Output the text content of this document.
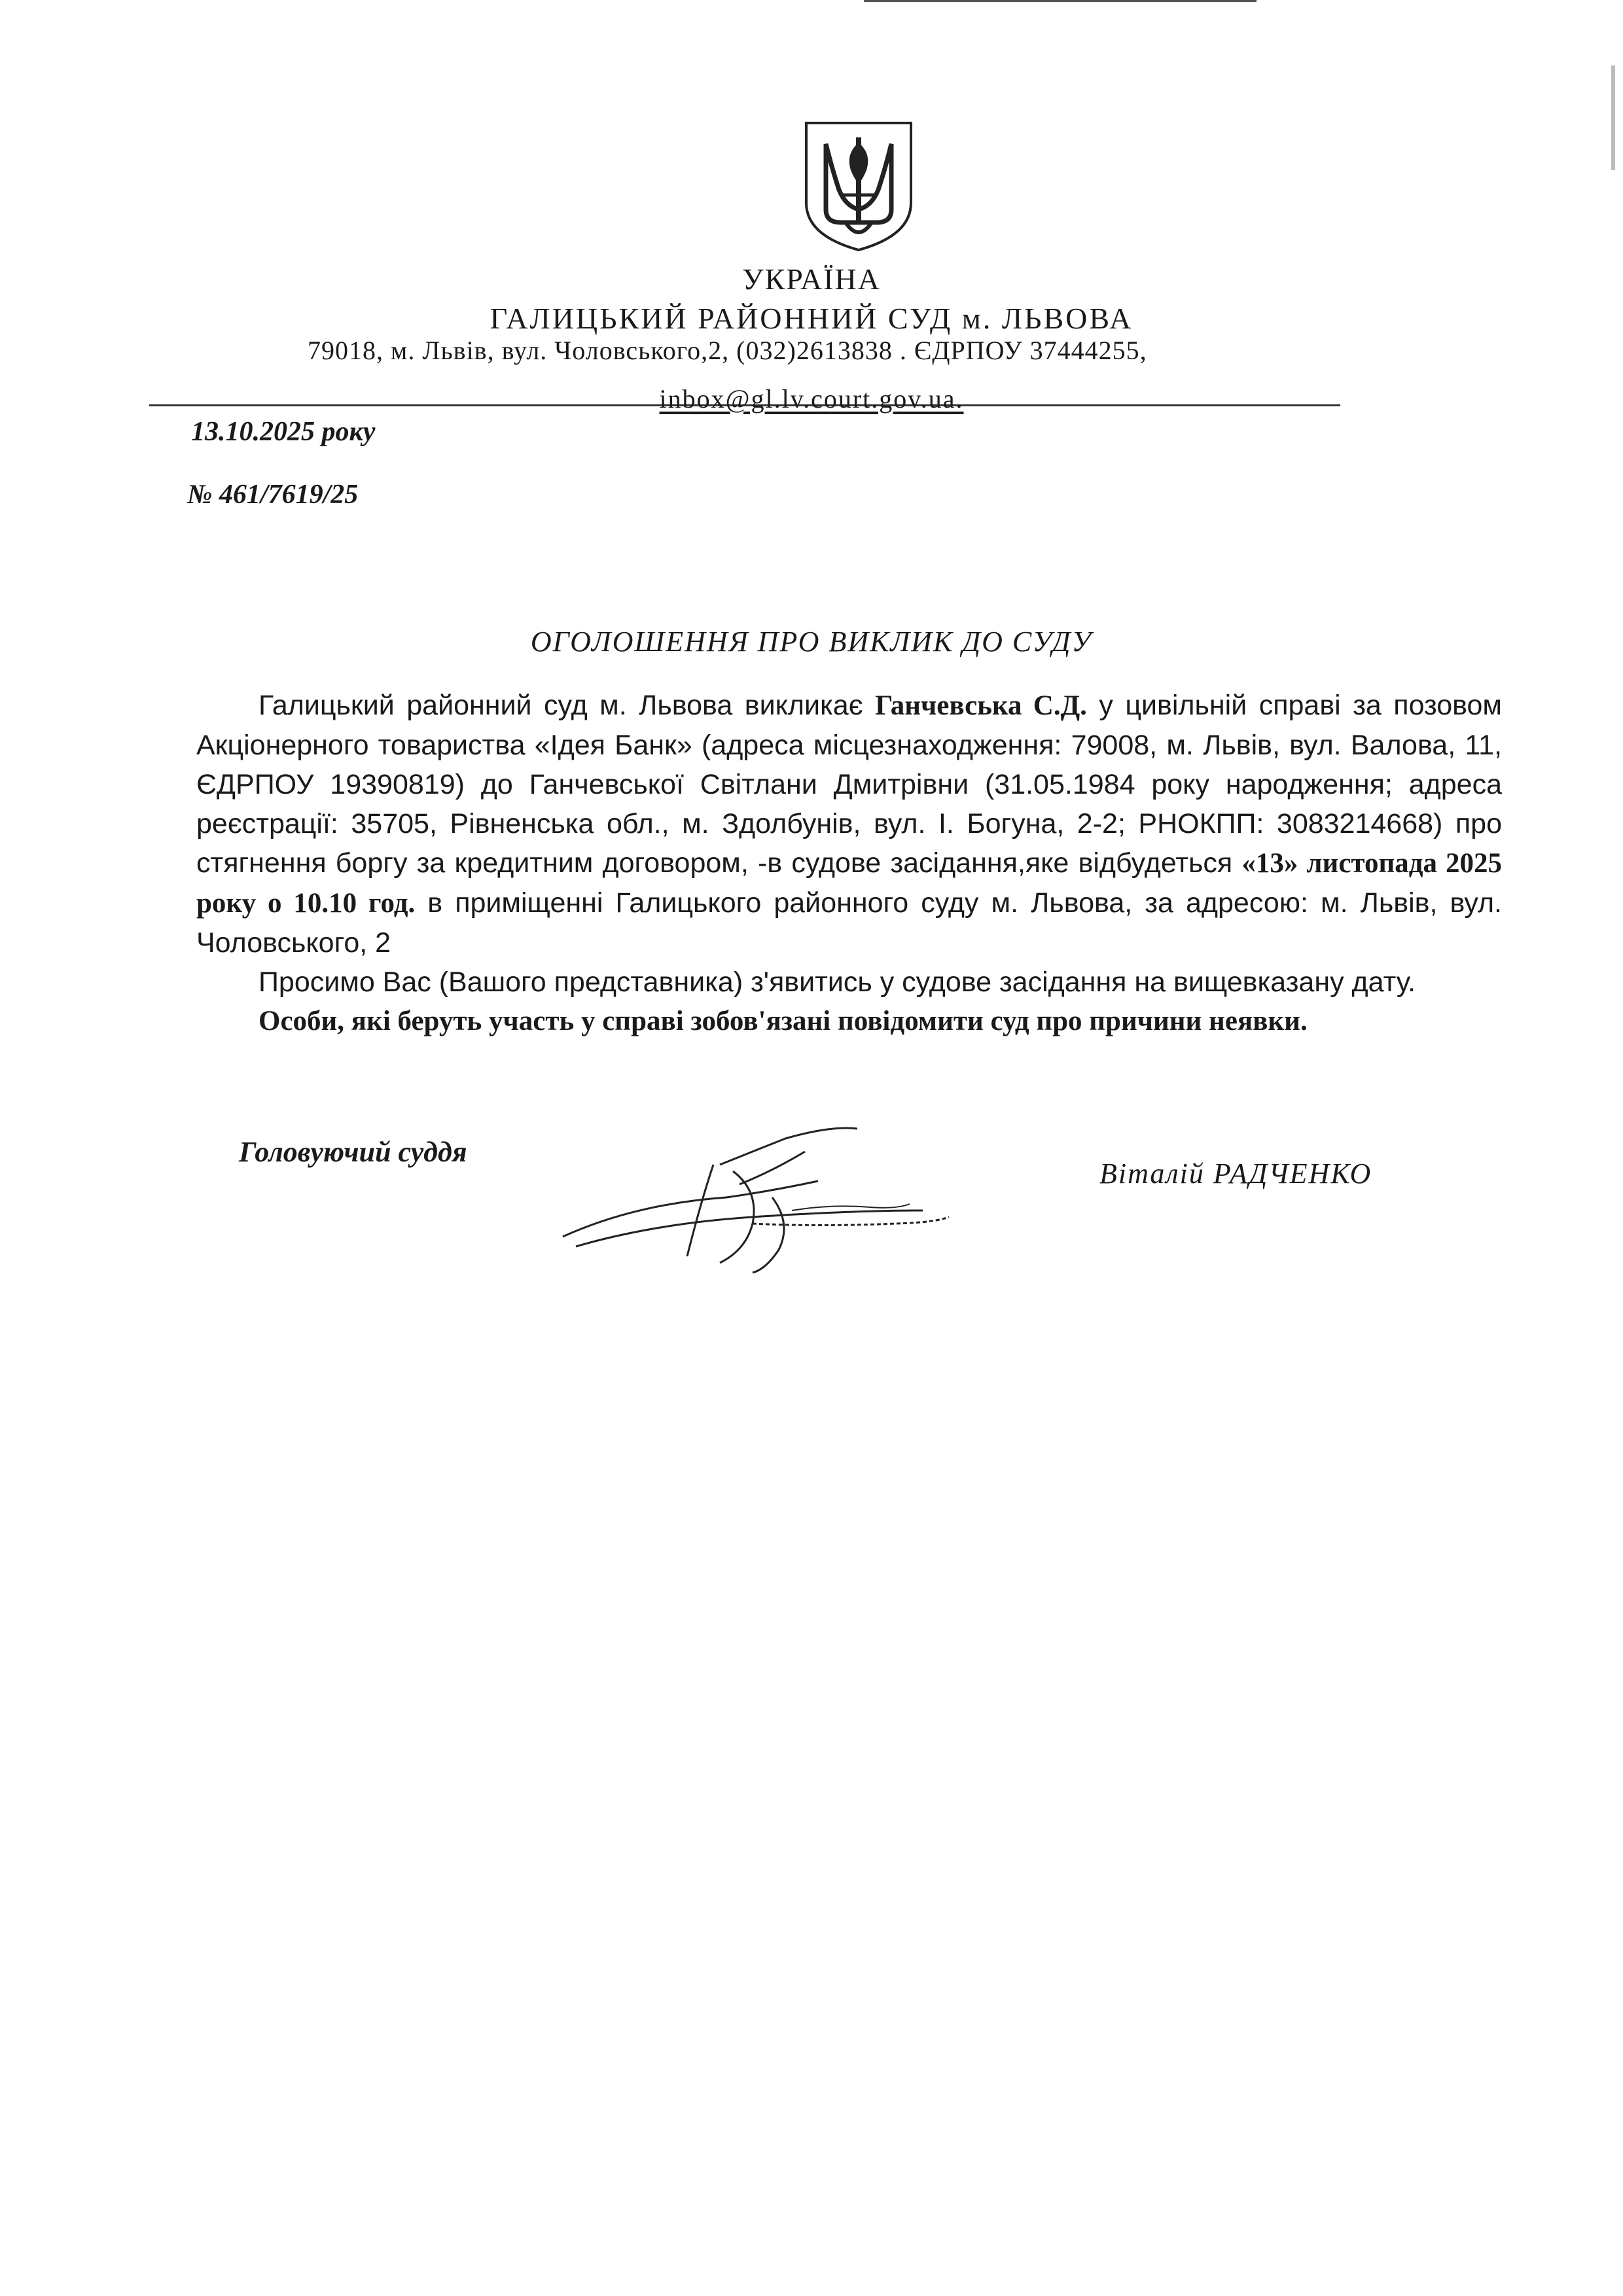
УКРАЇНА
ГАЛИЦЬКИЙ РАЙОННИЙ СУД м. ЛЬВОВА
79018, м. Львів, вул. Чоловського,2, (032)2613838 . ЄДРПОУ 37444255,
inbox@gl.lv.court.gov.ua.
13.10.2025 року
№ 461/7619/25
ОГОЛОШЕННЯ ПРО ВИКЛИК ДО СУДУ

Галицький районний суд м. Львова викликає Ганчевська С.Д. у цивільній справі за позовом Акціонерного товариства «Ідея Банк» (адреса місцезнаходження: 79008, м. Львів, вул. Валова, 11, ЄДРПОУ 19390819) до Ганчевської Світлани Дмитрівни (31.05.1984 року народження; адреса реєстрації: 35705, Рівненська обл., м. Здолбунів, вул. І. Богуна, 2-2; РНОКПП: 3083214668) про стягнення боргу за кредитним договором, -в судове засідання,яке відбудеться «13» листопада 2025 року о 10.10 год. в приміщенні Галицького районного суду м. Львова, за адресою: м. Львів, вул. Чоловського, 2

Просимо Вас (Вашого представника) з'явитись у судове засідання на вищевказану дату.

Особи, які беруть участь у справі зобов'язані повідомити суд про причини неявки.

Головуючий суддя
Віталій РАДЧЕНКО
